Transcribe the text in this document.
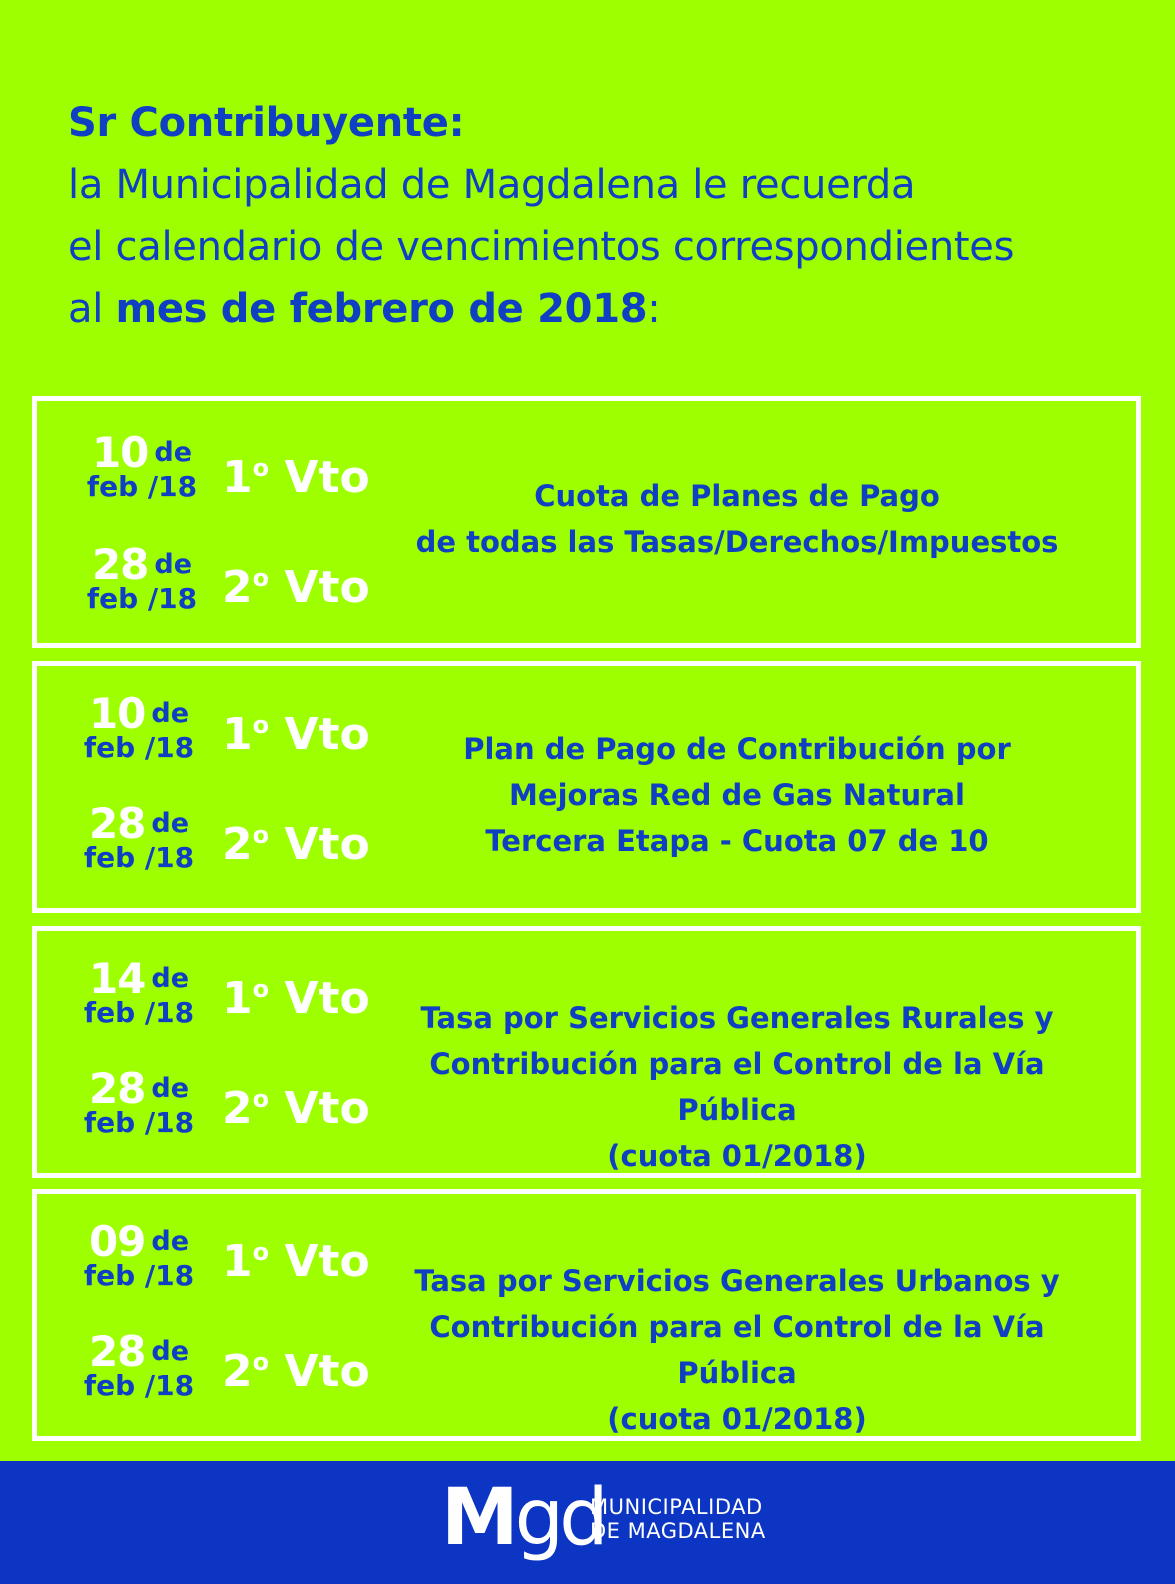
Sr Contribuyente:
la Municipalidad de Magdalena le recuerda
el calendario de vencimientos correspondientes
al mes de febrero de 2018:
10 de
feb /18 1$^o$ Vto
28 de
feb /18 2$^o$ Vto
Cuota de Planes de Pago
de todas las Tasas/Derechos/Impuestos
10 de
feb /18 1$^o$ Vto
28 de
feb /18 2$^o$ Vto
Plan de Pago de Contribución por
Mejoras Red de Gas Natural
Tercera Etapa - Cuota 07 de 10
14 de
feb /18 1$^o$ Vto
28 de
feb /18 2$^o$ Vto
Tasa por Servicios Generales Rurales y
Contribución para el Control de la Vía Pública
(cuota 01/2018)
09 de
feb /18 1$^o$ Vto
28 de
feb /18 2$^o$ Vto
Tasa por Servicios Generales Urbanos y
Contribución para el Control de la Vía Pública
(cuota 01/2018)
Mgd
MUNICIPALIDAD
DE MAGDALENA
